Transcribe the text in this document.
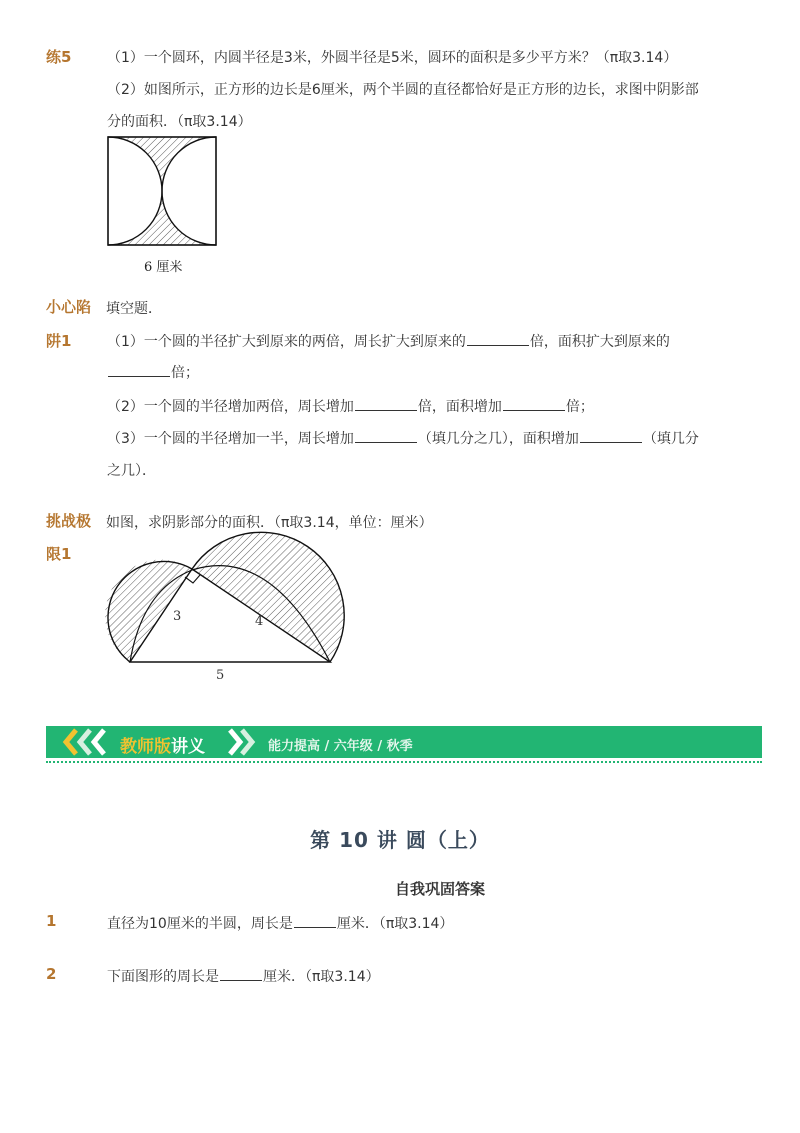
练5	（1）一个圆环，内圆半径是3米，外圆半径是5米，圆环的面积是多少平方米？（π取3.14）
（2）如图所示，正方形的边长是6厘米，两个半圆的直径都恰好是正方形的边长，求图中阴影部
分的面积．（π取3.14）
6 厘米
小心陷
阱1
填空题．
（1）一个圆的半径扩大到原来的两倍，周长扩大到原来的	倍，面积扩大到原来的
倍；
（2）一个圆的半径增加两倍，周长增加	倍，面积增加	倍；
（3）一个圆的半径增加一半，周长增加	（填几分之几），面积增加	（填几分
之几）．
挑战极
限1
如图，求阴影部分的面积．（π取3.14，单位：厘米）
3	4
5
教师版讲义	能力提高 / 六年级 / 秋季
第 10 讲 圆（上）
自我巩固答案
1	直径为10厘米的半圆，周长是	厘米．（π取3.14）
2	下面图形的周长是	厘米．（π取3.14）
